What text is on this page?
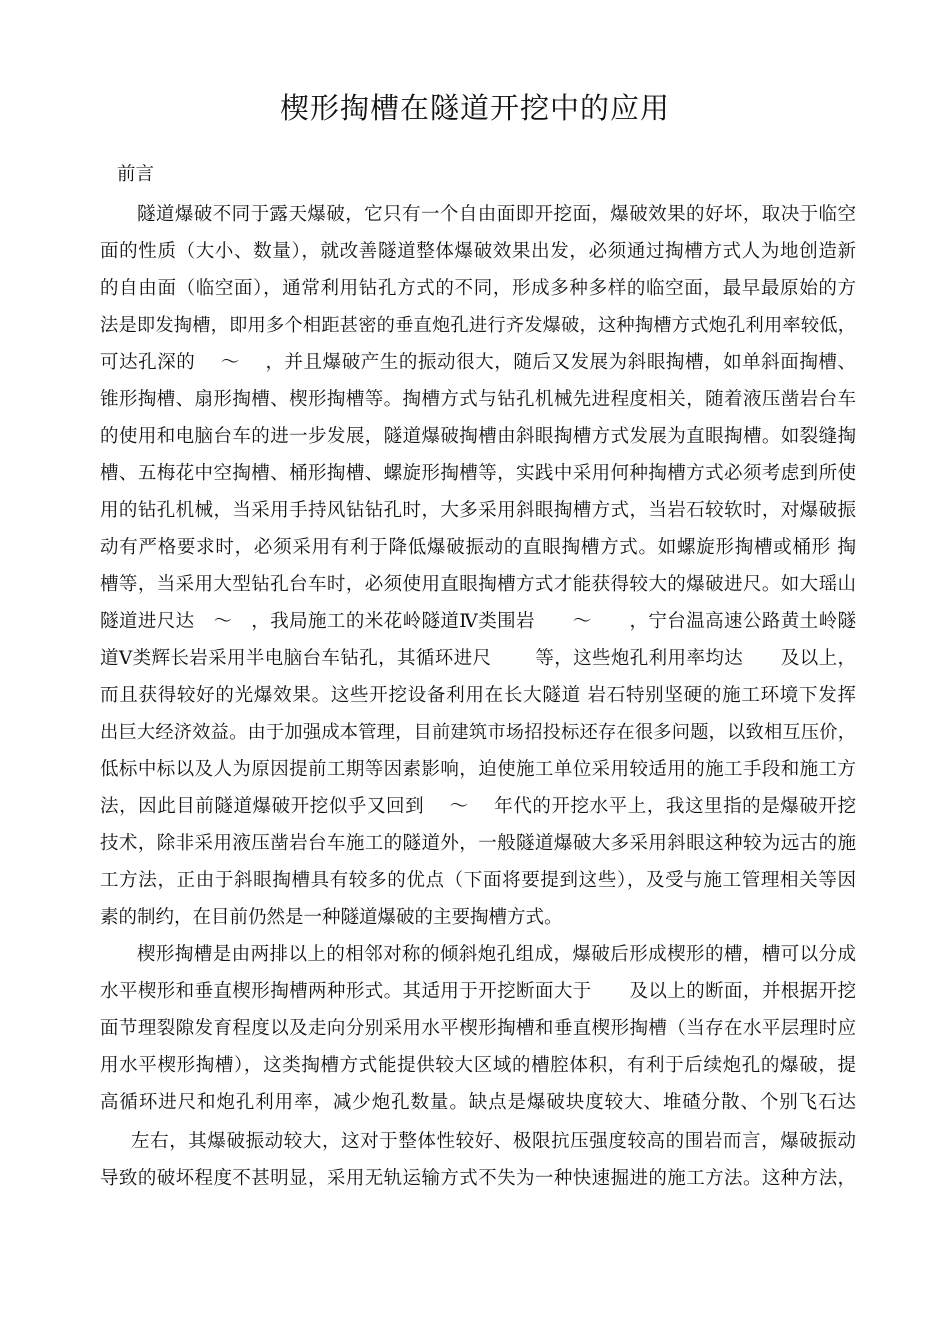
楔形掏槽在隧道开挖中的应用
前言
隧道爆破不同于露天爆破，它只有一个自由面即开挖面，爆破效果的好坏，取决于临空
面的性质（大小、数量），就改善隧道整体爆破效果出发，必须通过掏槽方式人为地创造新
的自由面（临空面），通常利用钻孔方式的不同，形成多种多样的临空面，最早最原始的方
法是即发掏槽，即用多个相距甚密的垂直炮孔进行齐发爆破，这种掏槽方式炮孔利用率较低，
可达孔深的　 ～　 ，并且爆破产生的振动很大，随后又发展为斜眼掏槽，如单斜面掏槽、
锥形掏槽、扇形掏槽、楔形掏槽等。掏槽方式与钻孔机械先进程度相关，随着液压凿岩台车
的使用和电脑台车的进一步发展，隧道爆破掏槽由斜眼掏槽方式发展为直眼掏槽。如裂缝掏
槽、五梅花中空掏槽、桶形掏槽、螺旋形掏槽等，实践中采用何种掏槽方式必须考虑到所使
用的钻孔机械，当采用手持风钻钻孔时，大多采用斜眼掏槽方式，当岩石较软时，对爆破振
动有严格要求时，必须采用有利于降低爆破振动的直眼掏槽方式。如螺旋形掏槽或桶形 掏
槽等，当采用大型钻孔台车时，必须使用直眼掏槽方式才能获得较大的爆破进尺。如大瑶山
隧道进尺达　～　，我局施工的米花岭隧道Ⅳ类围岩　　～　　，宁台温高速公路黄土岭隧
道Ⅴ类辉长岩采用半电脑台车钻孔，其循环进尺　　 等，这些炮孔利用率均达　　及以上，
而且获得较好的光爆效果。这些开挖设备利用在长大隧道 岩石特别坚硬的施工环境下发挥
出巨大经济效益。由于加强成本管理，目前建筑市场招投标还存在很多问题，以致相互压价，
低标中标以及人为原因提前工期等因素影响，迫使施工单位采用较适用的施工手段和施工方
法，因此目前隧道爆破开挖似乎又回到　 ～　 年代的开挖水平上，我这里指的是爆破开挖
技术，除非采用液压凿岩台车施工的隧道外，一般隧道爆破大多采用斜眼这种较为远古的施
工方法，正由于斜眼掏槽具有较多的优点（下面将要提到这些），及受与施工管理相关等因
素的制约，在目前仍然是一种隧道爆破的主要掏槽方式。
楔形掏槽是由两排以上的相邻对称的倾斜炮孔组成，爆破后形成楔形的槽，槽可以分成
水平楔形和垂直楔形掏槽两种形式。其适用于开挖断面大于　　及以上的断面，并根据开挖
面节理裂隙发育程度以及走向分别采用水平楔形掏槽和垂直楔形掏槽（当存在水平层理时应
用水平楔形掏槽），这类掏槽方式能提供较大区域的槽腔体积，有利于后续炮孔的爆破，提
高循环进尺和炮孔利用率，减少炮孔数量。缺点是爆破块度较大、堆碴分散、个别飞石达
左右，其爆破振动较大，这对于整体性较好、极限抗压强度较高的围岩而言，爆破振动
导致的破坏程度不甚明显，采用无轨运输方式不失为一种快速掘进的施工方法。这种方法，
